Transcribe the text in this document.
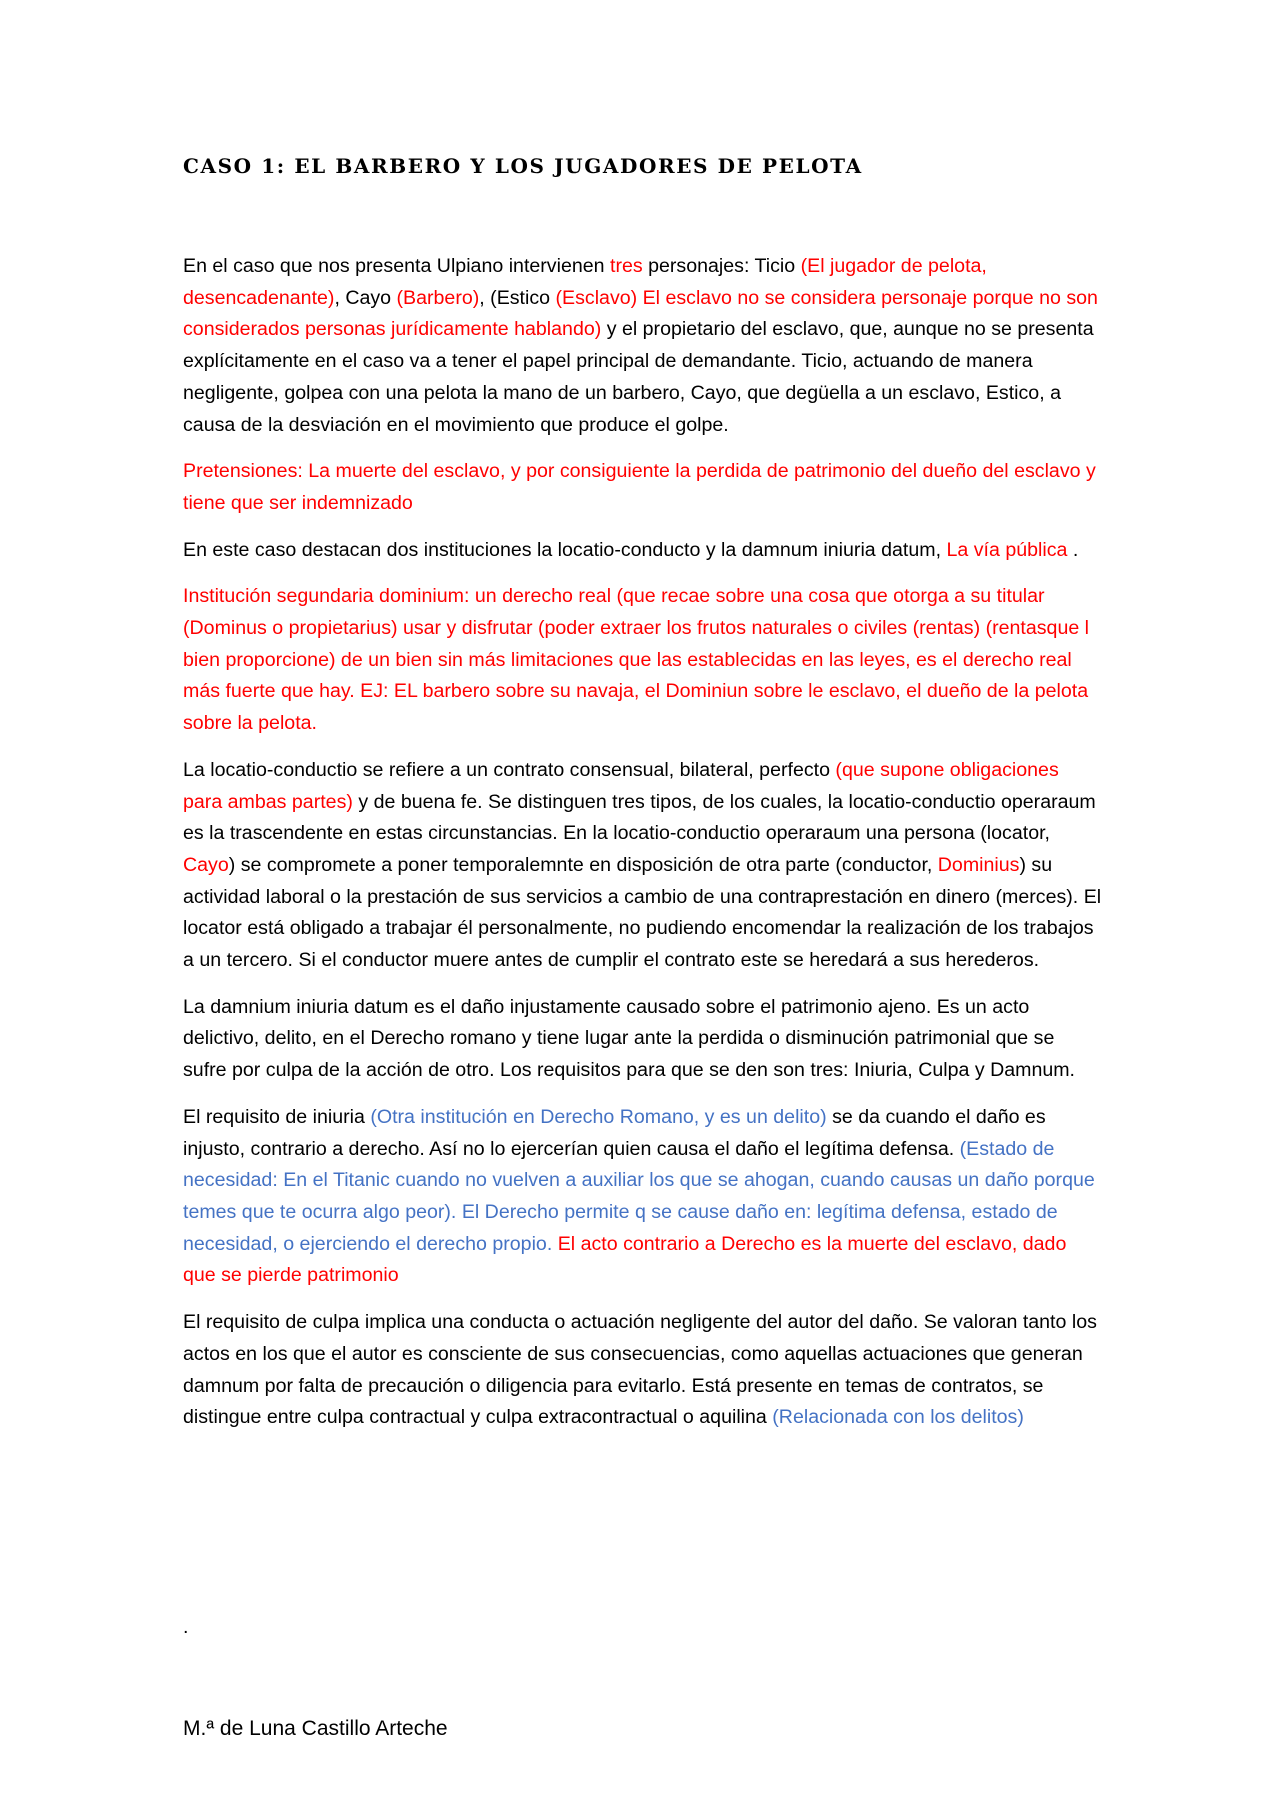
CASO 1: EL BARBERO Y LOS JUGADORES DE PELOTA

En el caso que nos presenta Ulpiano intervienen tres personajes: Ticio (El jugador de pelota, desencadenante), Cayo (Barbero), (Estico (Esclavo) El esclavo no se considera personaje porque no son considerados personas jurídicamente hablando) y el propietario del esclavo, que, aunque no se presenta explícitamente en el caso va a tener el papel principal de demandante. Ticio, actuando de manera negligente, golpea con una pelota la mano de un barbero, Cayo, que degüella a un esclavo, Estico, a causa de la desviación en el movimiento que produce el golpe.

Pretensiones: La muerte del esclavo, y por consiguiente la perdida de patrimonio del dueño del esclavo y tiene que ser indemnizado

En este caso destacan dos instituciones la locatio-conducto y la damnum iniuria datum, La vía pública .

Institución segundaria dominium: un derecho real (que recae sobre una cosa que otorga a su titular (Dominus o propietarius) usar y disfrutar (poder extraer los frutos naturales o civiles (rentas) (rentasque l bien proporcione) de un bien sin más limitaciones que las establecidas en las leyes, es el derecho real más fuerte que hay. EJ: EL barbero sobre su navaja, el Dominiun sobre le esclavo, el dueño de la pelota sobre la pelota.

La locatio-conductio se refiere a un contrato consensual, bilateral, perfecto (que supone obligaciones para ambas partes) y de buena fe. Se distinguen tres tipos, de los cuales, la locatio-conductio operaraum es la trascendente en estas circunstancias. En la locatio-conductio operaraum una persona (locator, Cayo) se compromete a poner temporalemnte en disposición de otra parte (conductor, Dominius) su actividad laboral o la prestación de sus servicios a cambio de una contraprestación en dinero (merces). El locator está obligado a trabajar él personalmente, no pudiendo encomendar la realización de los trabajos a un tercero. Si el conductor muere antes de cumplir el contrato este se heredará a sus herederos.

La damnium iniuria datum es el daño injustamente causado sobre el patrimonio ajeno. Es un acto delictivo, delito, en el Derecho romano y tiene lugar ante la perdida o disminución patrimonial que se sufre por culpa de la acción de otro. Los requisitos para que se den son tres: Iniuria, Culpa y Damnum.

El requisito de iniuria (Otra institución en Derecho Romano, y es un delito) se da cuando el daño es injusto, contrario a derecho. Así no lo ejercerían quien causa el daño el legítima defensa. (Estado de necesidad: En el Titanic cuando no vuelven a auxiliar los que se ahogan, cuando causas un daño porque temes que te ocurra algo peor). El Derecho permite q se cause daño en: legítima defensa, estado de necesidad, o ejerciendo el derecho propio. El acto contrario a Derecho es la muerte del esclavo, dado que se pierde patrimonio

El requisito de culpa implica una conducta o actuación negligente del autor del daño. Se valoran tanto los actos en los que el autor es consciente de sus consecuencias, como aquellas actuaciones que generan damnum por falta de precaución o diligencia para evitarlo. Está presente en temas de contratos, se distingue entre culpa contractual y culpa extracontractual o aquilina (Relacionada con los delitos)

.
M.ª de Luna Castillo Arteche
